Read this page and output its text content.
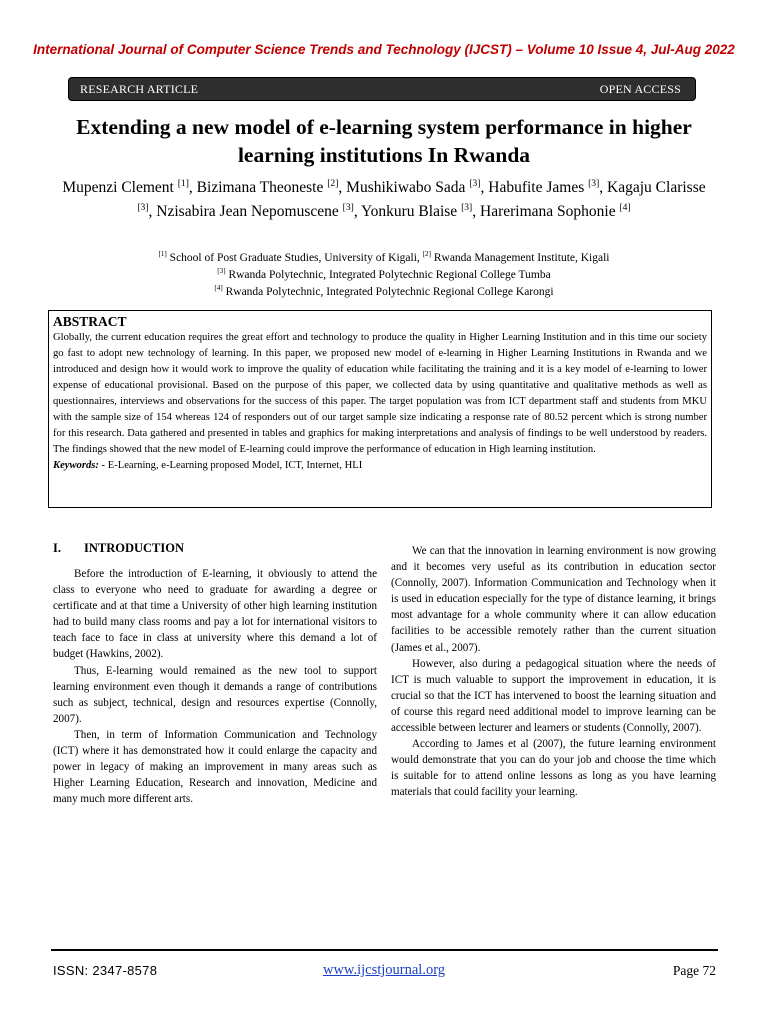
International Journal of Computer Science Trends and Technology (IJCST) – Volume 10 Issue 4, Jul-Aug 2022
RESEARCH ARTICLE	OPEN ACCESS
Extending a new model of e-learning system performance in higher learning institutions In Rwanda
Mupenzi Clement [1], Bizimana Theoneste [2], Mushikiwabo Sada [3], Habufite James [3], Kagaju Clarisse [3], Nzisabira Jean Nepomuscene [3], Yonkuru Blaise [3], Harerimana Sophonie [4]
[1] School of Post Graduate Studies, University of Kigali, [2] Rwanda Management Institute, Kigali
[3] Rwanda Polytechnic, Integrated Polytechnic Regional College Tumba
[4] Rwanda Polytechnic, Integrated Polytechnic Regional College Karongi
ABSTRACT
Globally, the current education requires the great effort and technology to produce the quality in Higher Learning Institution and in this time our society go fast to adopt new technology of learning. In this paper, we proposed new model of e-learning in Higher Learning Institutions in Rwanda and we introduced and design how it would work to improve the quality of education while facilitating the training and it is a key model of e-learning to lower expense of educational provisional. Based on the purpose of this paper, we collected data by using quantitative and qualitative methods as well as questionnaires, interviews and observations for the success of this paper. The target population was from ICT department staff and students from MKU with the sample size of 154 whereas 124 of responders out of our target sample size indicating a response rate of 80.52 percent which is strong number for this research. Data gathered and presented in tables and graphics for making interpretations and analysis of findings to be well understood by readers. The findings showed that the new model of E-learning could improve the performance of education in High learning institution.
Keywords: - E-Learning, e-Learning proposed Model, ICT, Internet, HLI
I.	INTRODUCTION

Before the introduction of E-learning, it obviously to attend the class to everyone who need to graduate for awarding a degree or certificate and at that time a University of other high learning institution had to build many class rooms and pay a lot for international visitors to teach face to face in class at university where this demand a lot of budget (Hawkins, 2002).

Thus, E-learning would remained as the new tool to support learning environment even though it demands a range of contributions such as subject, technical, design and resources expertise (Connolly, 2007).

Then, in term of Information Communication and Technology (ICT) where it has demonstrated how it could enlarge the capacity and power in legacy of making an improvement in many areas such as Higher Learning Education, Research and innovation, Medicine and many much more different arts.

We can that the innovation in learning environment is now growing and it becomes very useful as its contribution in education sector (Connolly, 2007). Information Communication and Technology when it is used in education especially for the type of distance learning, it brings most advantage for a whole community where it can allow education facilities to be accessible remotely rather than the current situation (James et al., 2007).

However, also during a pedagogical situation where the needs of ICT is much valuable to support the improvement in education, it is crucial so that the ICT has intervened to boost the learning situation and of course this regard need additional model to improve learning can be accessible between lecturer and learners or students (Connolly, 2007).

According to James et al (2007), the future learning environment would demonstrate that you can do your job and choose the time which is suitable for to attend online lessons as long as you have learning materials that could facility your learning.

ISSN: 2347-8578	www.ijcstjournal.org	Page 72
